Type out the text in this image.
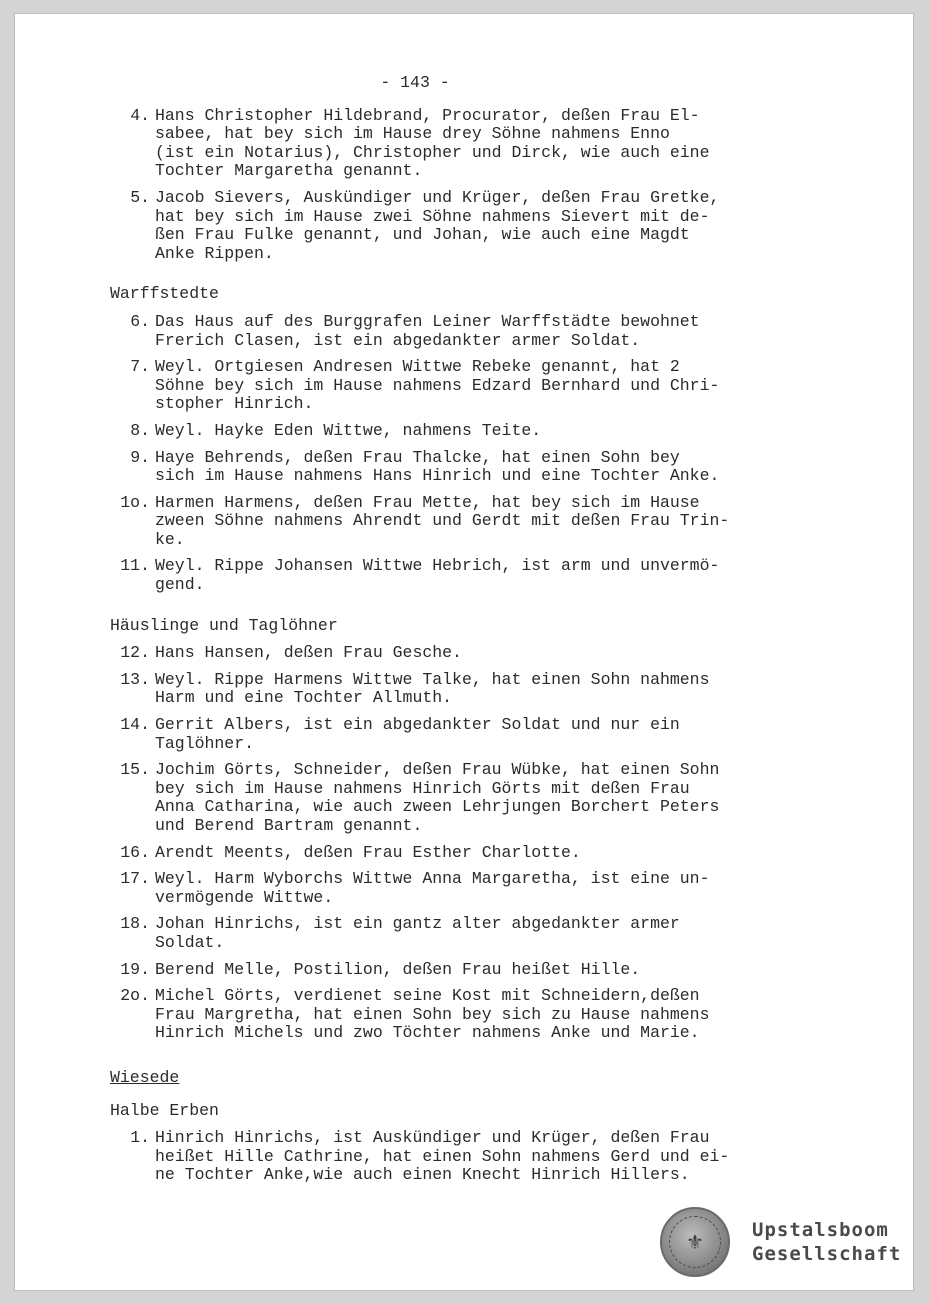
- 143 -
4. Hans Christopher Hildebrand, Procurator, deßen Frau El-
sabee, hat bey sich im Hause drey Söhne nahmens Enno
(ist ein Notarius), Christopher und Dirck, wie auch eine
Tochter Margaretha genannt.
5. Jacob Sievers, Auskündiger und Krüger, deßen Frau Gretke,
hat bey sich im Hause zwei Söhne nahmens Sievert mit de-
ßen Frau Fulke genannt, und Johan, wie auch eine Magdt
Anke Rippen.
Warffstedte
6. Das Haus auf des Burggrafen Leiner Warffstädte bewohnet
Frerich Clasen, ist ein abgedankter armer Soldat.
7. Weyl. Ortgiesen Andresen Wittwe Rebeke genannt, hat 2
Söhne bey sich im Hause nahmens Edzard Bernhard und Chri-
stopher Hinrich.
8. Weyl. Hayke Eden Wittwe, nahmens Teite.
9. Haye Behrends, deßen Frau Thalcke, hat einen Sohn bey
sich im Hause nahmens Hans Hinrich und eine Tochter Anke.
1o. Harmen Harmens, deßen Frau Mette, hat bey sich im Hause
zween Söhne nahmens Ahrendt und Gerdt mit deßen Frau Trin-
ke.
11. Weyl. Rippe Johansen Wittwe Hebrich, ist arm und unvermö-
gend.
Häuslinge und Taglöhner
12. Hans Hansen, deßen Frau Gesche.
13. Weyl. Rippe Harmens Wittwe Talke, hat einen Sohn nahmens
Harm und eine Tochter Allmuth.
14. Gerrit Albers, ist ein abgedankter Soldat und nur ein
Taglöhner.
15. Jochim Görts, Schneider, deßen Frau Wübke, hat einen Sohn
bey sich im Hause nahmens Hinrich Görts mit deßen Frau
Anna Catharina, wie auch zween Lehrjungen Borchert Peters
und Berend Bartram genannt.
16. Arendt Meents, deßen Frau Esther Charlotte.
17. Weyl. Harm Wyborchs Wittwe Anna Margaretha, ist eine un-
vermögende Wittwe.
18. Johan Hinrichs, ist ein gantz alter abgedankter armer
Soldat.
19. Berend Melle, Postilion, deßen Frau heißet Hille.
2o. Michel Görts, verdienet seine Kost mit Schneidern,deßen
Frau Margretha, hat einen Sohn bey sich zu Hause nahmens
Hinrich Michels und zwo Töchter nahmens Anke und Marie.
Wiesede
Halbe Erben
1. Hinrich Hinrichs, ist Auskündiger und Krüger, deßen Frau
heißet Hille Cathrine, hat einen Sohn nahmens Gerd und ei-
ne Tochter Anke,wie auch einen Knecht Hinrich Hillers.
⚜	Upstalsboom
Gesellschaft
